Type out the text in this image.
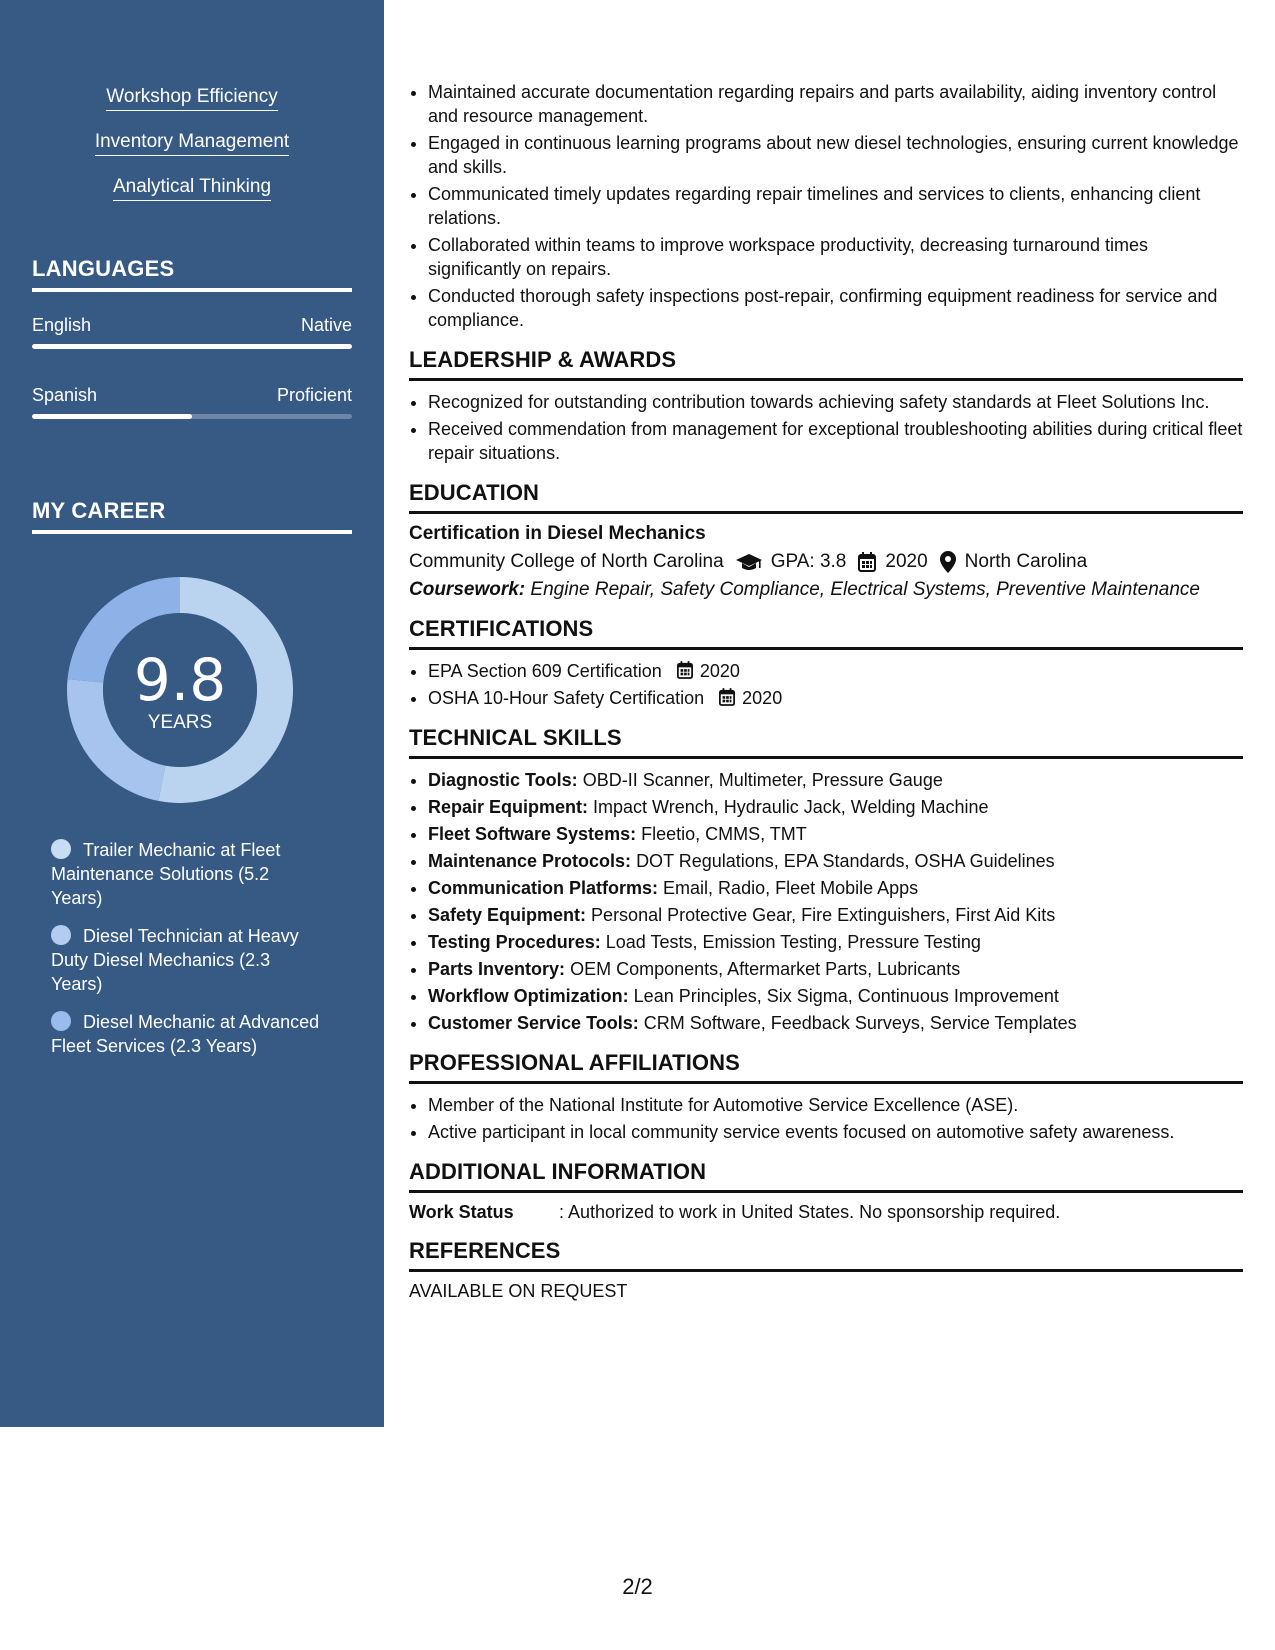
Workshop Efficiency
Inventory Management
Analytical Thinking
LANGUAGES
English	Native
Spanish	Proficient
MY CAREER
9.8
YEARS
Trailer Mechanic at Fleet Maintenance Solutions (5.2 Years)
Diesel Technician at Heavy Duty Diesel Mechanics (2.3 Years)
Diesel Mechanic at Advanced Fleet Services (2.3 Years)
• Maintained accurate documentation regarding repairs and parts availability, aiding inventory control and resource management.
• Engaged in continuous learning programs about new diesel technologies, ensuring current knowledge and skills.
• Communicated timely updates regarding repair timelines and services to clients, enhancing client relations.
• Collaborated within teams to improve workspace productivity, decreasing turnaround times significantly on repairs.
• Conducted thorough safety inspections post-repair, confirming equipment readiness for service and compliance.
LEADERSHIP & AWARDS
• Recognized for outstanding contribution towards achieving safety standards at Fleet Solutions Inc.
• Received commendation from management for exceptional troubleshooting abilities during critical fleet repair situations.
EDUCATION
Certification in Diesel Mechanics
Community College of North Carolina GPA: 3.8 2020 North Carolina
Coursework: Engine Repair, Safety Compliance, Electrical Systems, Preventive Maintenance
CERTIFICATIONS
• EPA Section 609 Certification 2020
• OSHA 10-Hour Safety Certification 2020
TECHNICAL SKILLS
• Diagnostic Tools: OBD-II Scanner, Multimeter, Pressure Gauge
• Repair Equipment: Impact Wrench, Hydraulic Jack, Welding Machine
• Fleet Software Systems: Fleetio, CMMS, TMT
• Maintenance Protocols: DOT Regulations, EPA Standards, OSHA Guidelines
• Communication Platforms: Email, Radio, Fleet Mobile Apps
• Safety Equipment: Personal Protective Gear, Fire Extinguishers, First Aid Kits
• Testing Procedures: Load Tests, Emission Testing, Pressure Testing
• Parts Inventory: OEM Components, Aftermarket Parts, Lubricants
• Workflow Optimization: Lean Principles, Six Sigma, Continuous Improvement
• Customer Service Tools: CRM Software, Feedback Surveys, Service Templates
PROFESSIONAL AFFILIATIONS
• Member of the National Institute for Automotive Service Excellence (ASE).
• Active participant in local community service events focused on automotive safety awareness.
ADDITIONAL INFORMATION
Work Status	: Authorized to work in United States. No sponsorship required.
REFERENCES
AVAILABLE ON REQUEST
2/2
